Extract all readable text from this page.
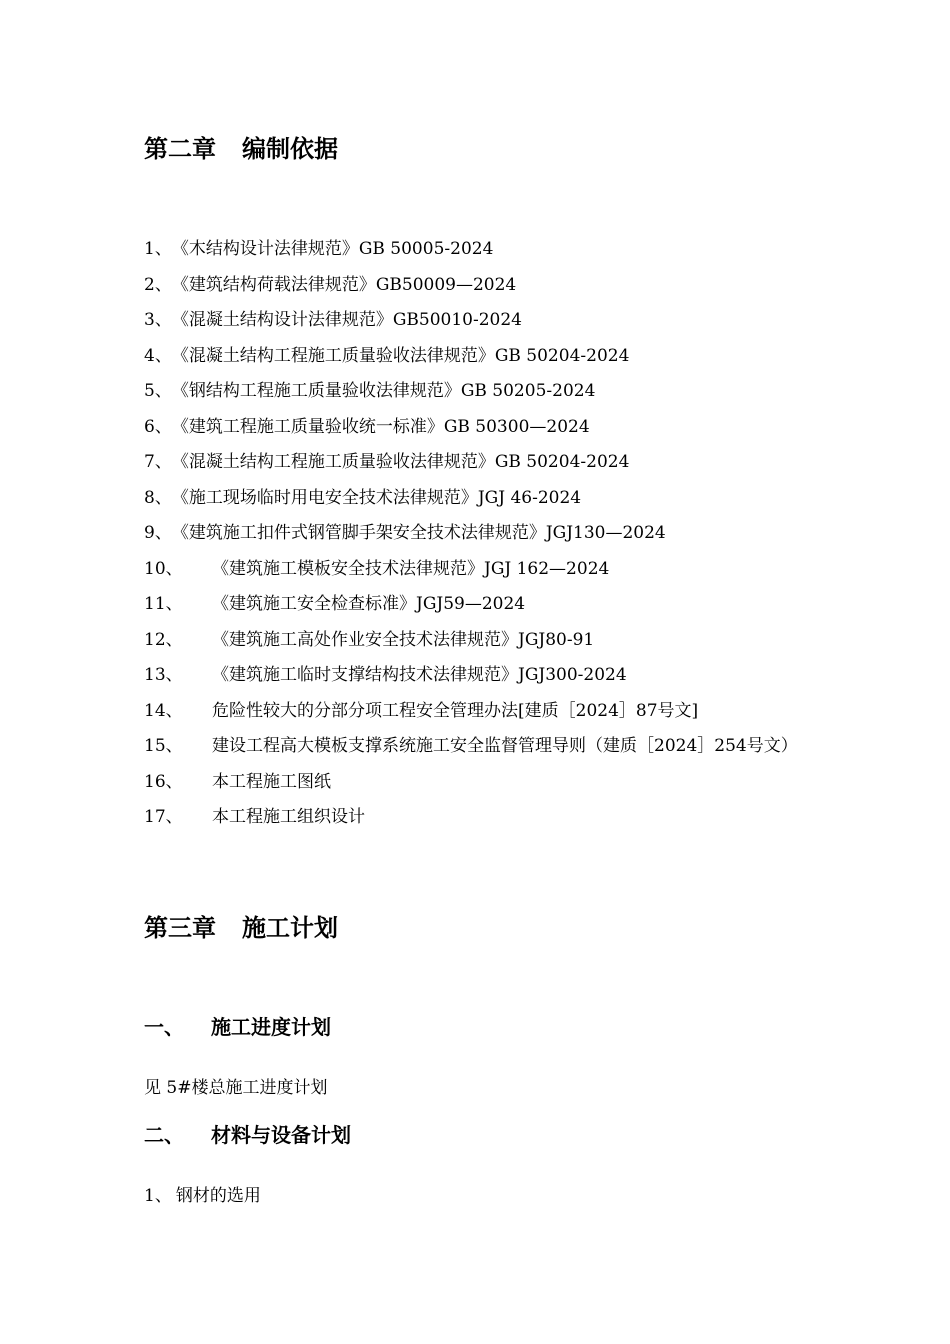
第二章 编制依据
1、《木结构设计法律规范》GB 50005-2024
2、《建筑结构荷载法律规范》GB50009—2024
3、《混凝土结构设计法律规范》GB50010-2024
4、《混凝土结构工程施工质量验收法律规范》GB 50204-2024
5、《钢结构工程施工质量验收法律规范》GB 50205-2024
6、《建筑工程施工质量验收统一标准》GB 50300—2024
7、《混凝土结构工程施工质量验收法律规范》GB 50204-2024
8、《施工现场临时用电安全技术法律规范》JGJ 46-2024
9、《建筑施工扣件式钢管脚手架安全技术法律规范》JGJ130—2024
10、 《建筑施工模板安全技术法律规范》JGJ 162—2024
11、 《建筑施工安全检查标准》JGJ59—2024
12、 《建筑施工高处作业安全技术法律规范》JGJ80-91
13、 《建筑施工临时支撑结构技术法律规范》JGJ300-2024
14、 危险性较大的分部分项工程安全管理办法[建质［2024］87号文]
15、 建设工程高大模板支撑系统施工安全监督管理导则（建质［2024］254号文）
16、 本工程施工图纸
17、 本工程施工组织设计
第三章 施工计划
一、 施工进度计划
见 5#楼总施工进度计划
二、 材料与设备计划
1、 钢材的选用
